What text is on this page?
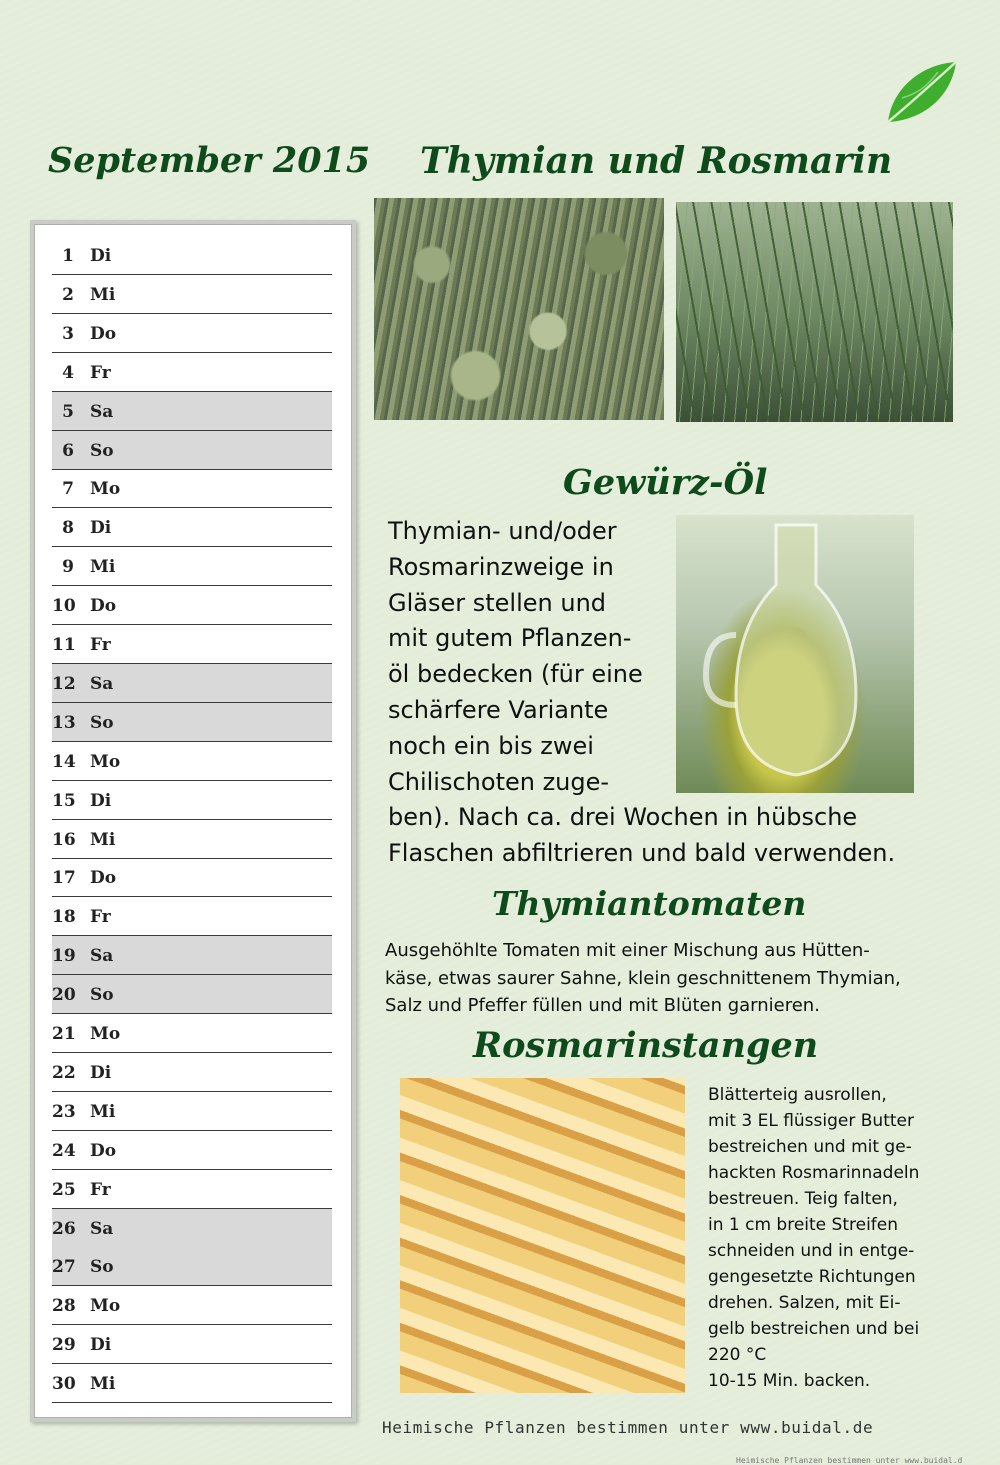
September 2015 Thymian und Rosmarin
1 Di
2 Mi
3 Do
4 Fr
5 Sa
6 So
7 Mo
8 Di
9 Mi
10 Do
11 Fr
12 Sa
13 So
14 Mo
15 Di
16 Mi
17 Do
18 Fr
19 Sa
20 So
21 Mo
22 Di
23 Mi
24 Do
25 Fr
26 Sa
27 So
28 Mo
29 Di
30 Mi
Gewürz-Öl
Thymian- und/oder
Rosmarinzweige in
Gläser stellen und
mit gutem Pflanzen-
öl bedecken (für eine
schärfere Variante
noch ein bis zwei
Chilischoten zuge-
ben). Nach ca. drei Wochen in hübsche
Flaschen abfiltrieren und bald verwenden.
Thymiantomaten
Ausgehöhlte Tomaten mit einer Mischung aus Hütten-
käse, etwas saurer Sahne, klein geschnittenem Thymian,
Salz und Pfeffer füllen und mit Blüten garnieren.
Rosmarinstangen
Blätterteig ausrollen,
mit 3 EL flüssiger Butter
bestreichen und mit ge-
hackten Rosmarinnadeln
bestreuen. Teig falten,
in 1 cm breite Streifen
schneiden und in entge-
gengesetzte Richtungen
drehen. Salzen, mit Ei-
gelb bestreichen und bei
220 °C
10-15 Min. backen.
Heimische Pflanzen bestimmen unter www.buidal.de
Heimische Pflanzen bestimmen unter www.buidal.d
